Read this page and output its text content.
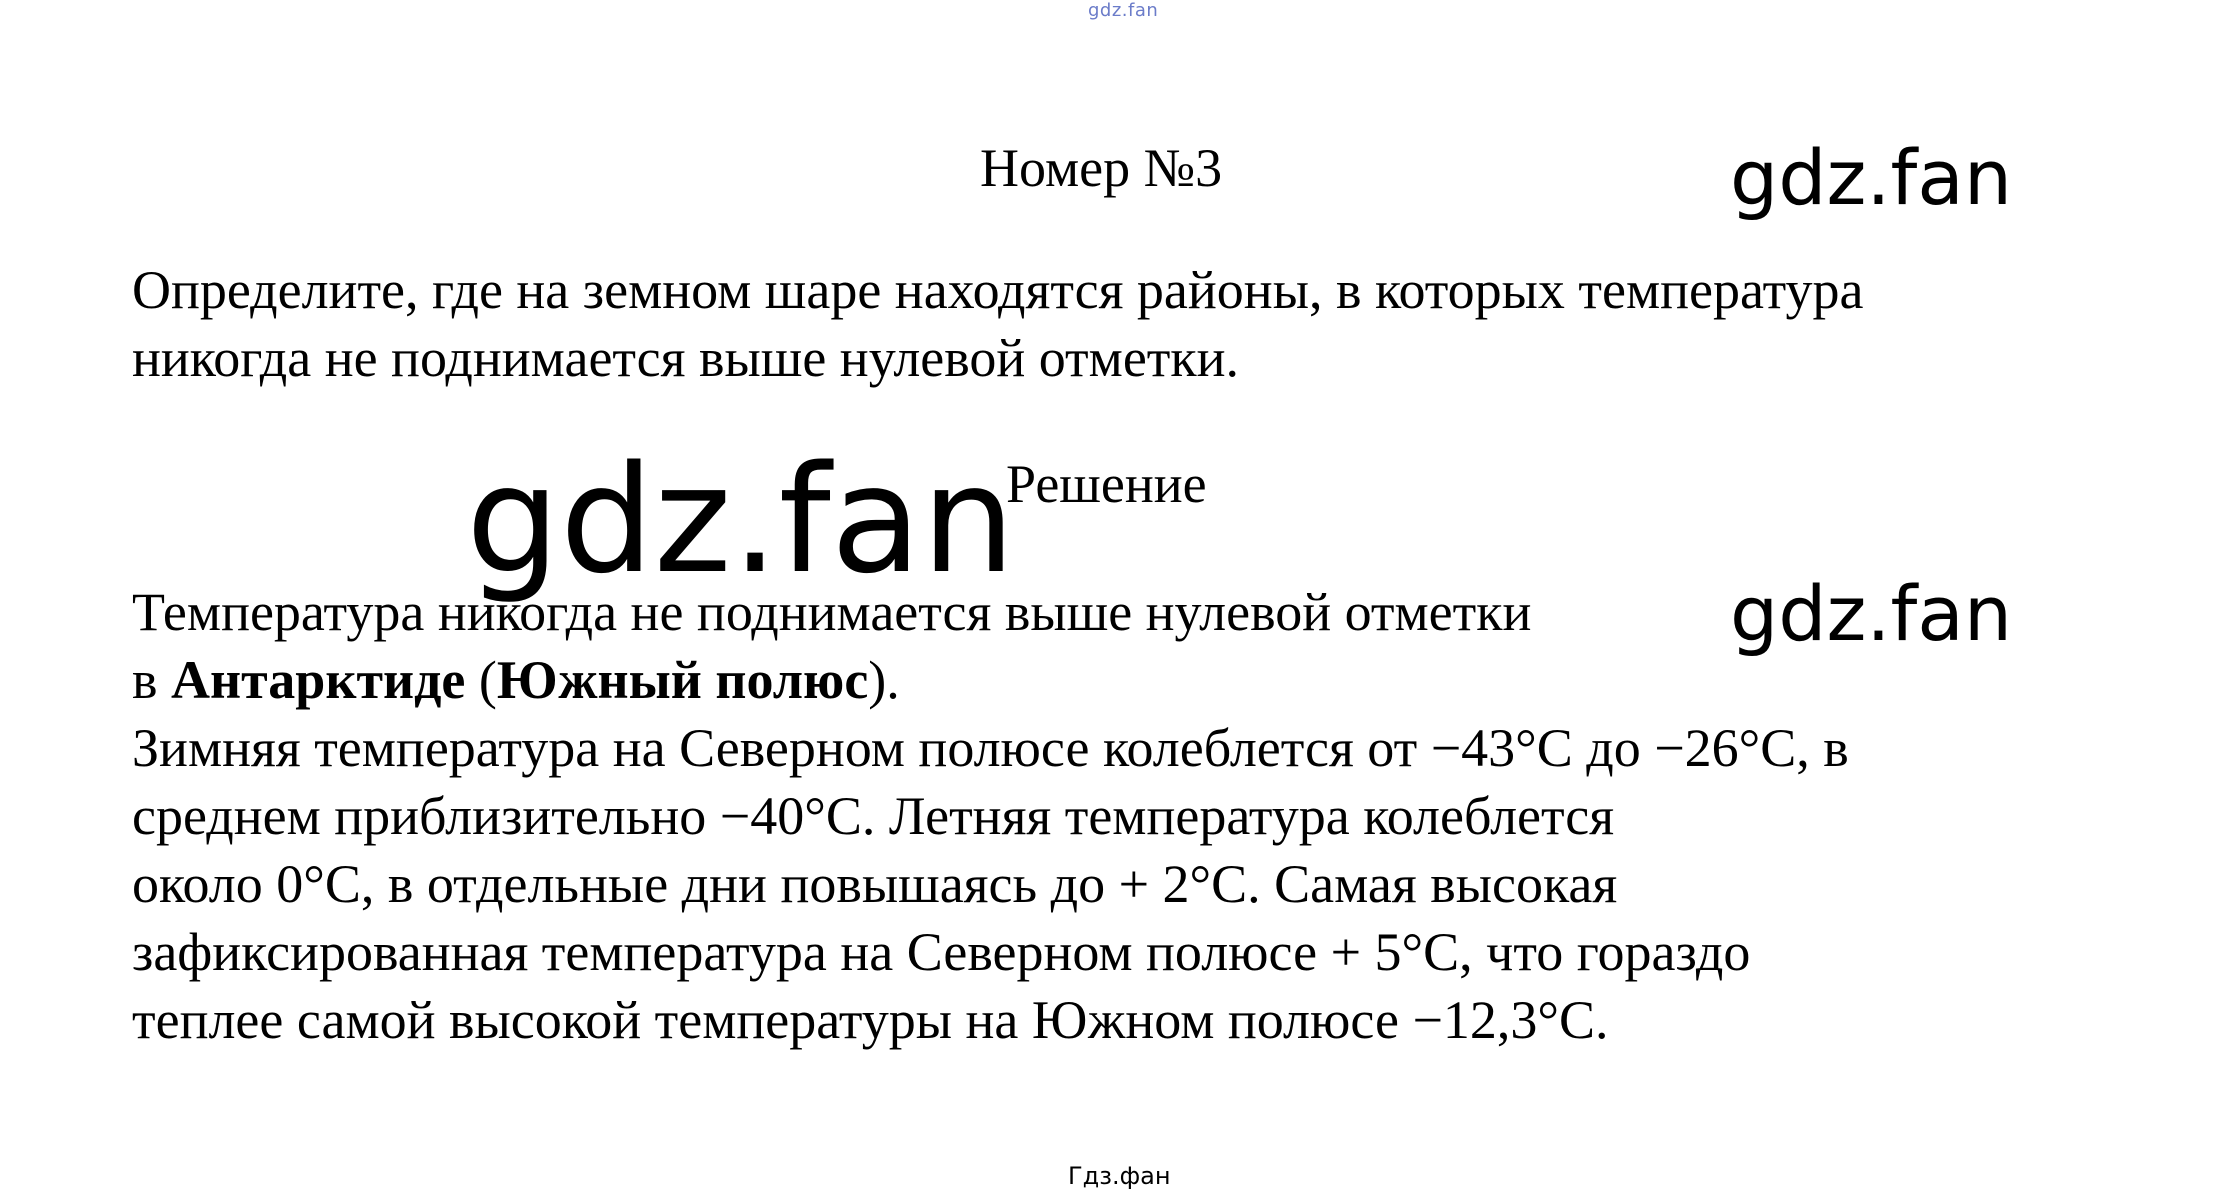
gdz.fan
Номер №3	gdz.fan

Определите, где на земном шаре находятся районы, в которых температура

никогда не поднимается выше нулевой отметки.

gdz.fan
Решение

Температура никогда не поднимается выше нулевой отметки

в Антарктиде (Южный полюс).

Зимняя температура на Северном полюсе колеблется от −43°С до −26°С, в

среднем приблизительно −40°С. Летняя температура колеблется

около 0°С, в отдельные дни повышаясь до + 2°С. Самая высокая

зафиксированная температура на Северном полюсе + 5°С, что гораздо

теплее самой высокой температуры на Южном полюсе −12,3°С.

gdz.fan
Гдз.фан
